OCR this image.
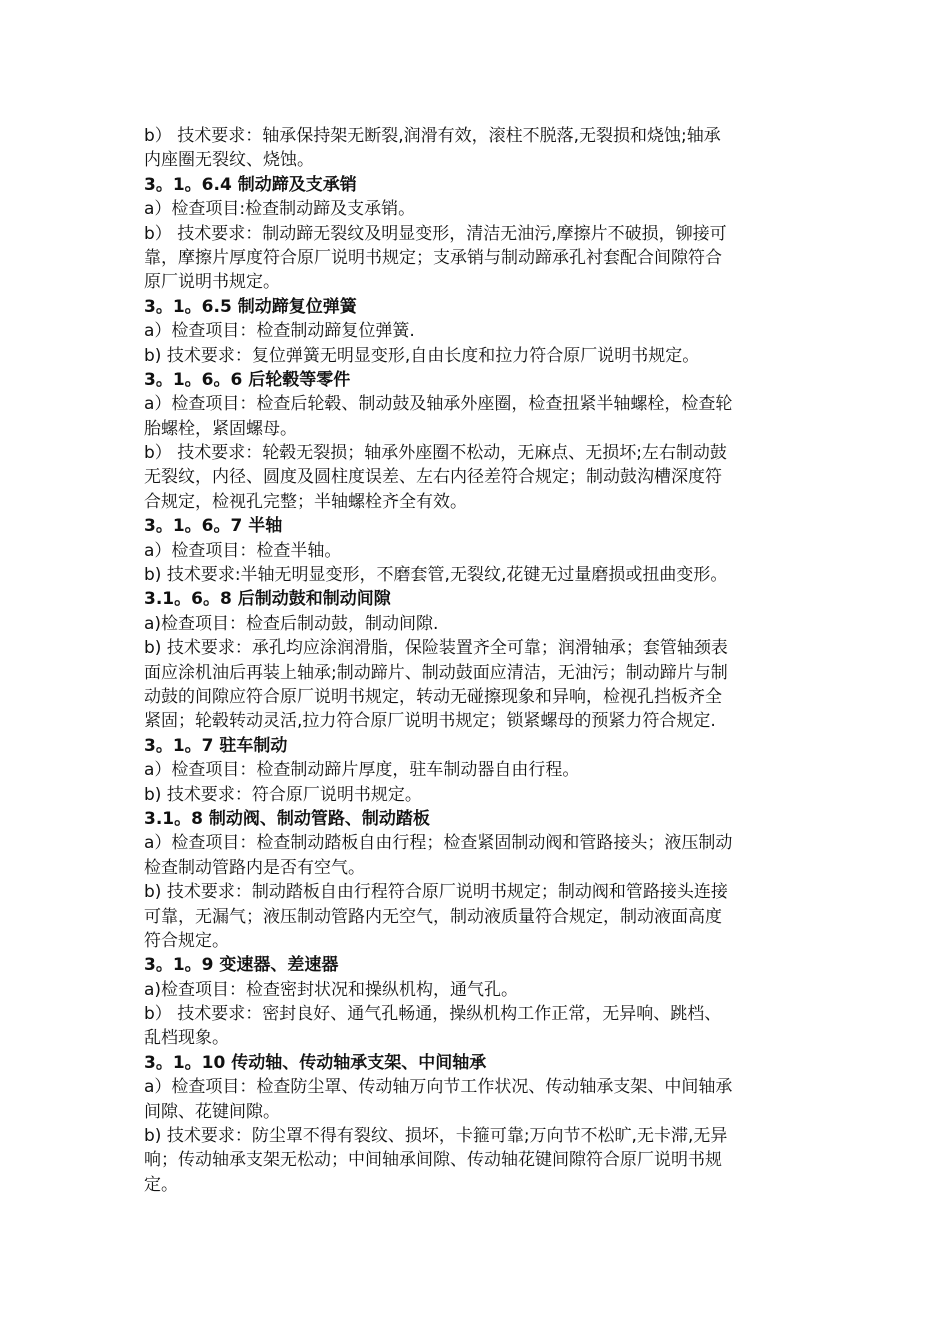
b） 技术要求：轴承保持架无断裂,润滑有效，滚柱不脱落,无裂损和烧蚀;轴承
内座圈无裂纹、烧蚀。
3。1。6.4 制动蹄及支承销
a）检查项目:检查制动蹄及支承销。
b） 技术要求：制动蹄无裂纹及明显变形，清洁无油污,摩擦片不破损，铆接可
靠，摩擦片厚度符合原厂说明书规定；支承销与制动蹄承孔衬套配合间隙符合
原厂说明书规定。
3。1。6.5 制动蹄复位弹簧
a）检查项目：检查制动蹄复位弹簧.
b) 技术要求：复位弹簧无明显变形,自由长度和拉力符合原厂说明书规定。
3。1。6。6 后轮毂等零件
a）检查项目：检查后轮毂、制动鼓及轴承外座圈，检查扭紧半轴螺栓，检查轮
胎螺栓，紧固螺母。
b） 技术要求：轮毂无裂损；轴承外座圈不松动，无麻点、无损坏;左右制动鼓
无裂纹，内径、圆度及圆柱度误差、左右内径差符合规定；制动鼓沟槽深度符
合规定，检视孔完整；半轴螺栓齐全有效。
3。1。6。7 半轴
a）检查项目：检查半轴。
b) 技术要求:半轴无明显变形，不磨套管,无裂纹,花键无过量磨损或扭曲变形。
3.1。6。8 后制动鼓和制动间隙
a)检查项目：检查后制动鼓，制动间隙.
b) 技术要求：承孔均应涂润滑脂，保险装置齐全可靠；润滑轴承；套管轴颈表
面应涂机油后再装上轴承;制动蹄片、制动鼓面应清洁，无油污；制动蹄片与制
动鼓的间隙应符合原厂说明书规定，转动无碰擦现象和异响，检视孔挡板齐全
紧固；轮毂转动灵活,拉力符合原厂说明书规定；锁紧螺母的预紧力符合规定.
3。1。7 驻车制动
a）检查项目：检查制动蹄片厚度，驻车制动器自由行程。
b) 技术要求：符合原厂说明书规定。
3.1。8 制动阀、制动管路、制动踏板
a）检查项目：检查制动踏板自由行程；检查紧固制动阀和管路接头；液压制动
检查制动管路内是否有空气。
b) 技术要求：制动踏板自由行程符合原厂说明书规定；制动阀和管路接头连接
可靠，无漏气；液压制动管路内无空气，制动液质量符合规定，制动液面高度
符合规定。
3。1。9 变速器、差速器
a)检查项目：检查密封状况和操纵机构，通气孔。
b） 技术要求：密封良好、通气孔畅通，操纵机构工作正常，无异响、跳档、
乱档现象。
3。1。10 传动轴、传动轴承支架、中间轴承
a）检查项目：检查防尘罩、传动轴万向节工作状况、传动轴承支架、中间轴承
间隙、花键间隙。
b) 技术要求：防尘罩不得有裂纹、损坏，卡箍可靠;万向节不松旷,无卡滞,无异
响；传动轴承支架无松动；中间轴承间隙、传动轴花键间隙符合原厂说明书规
定。
